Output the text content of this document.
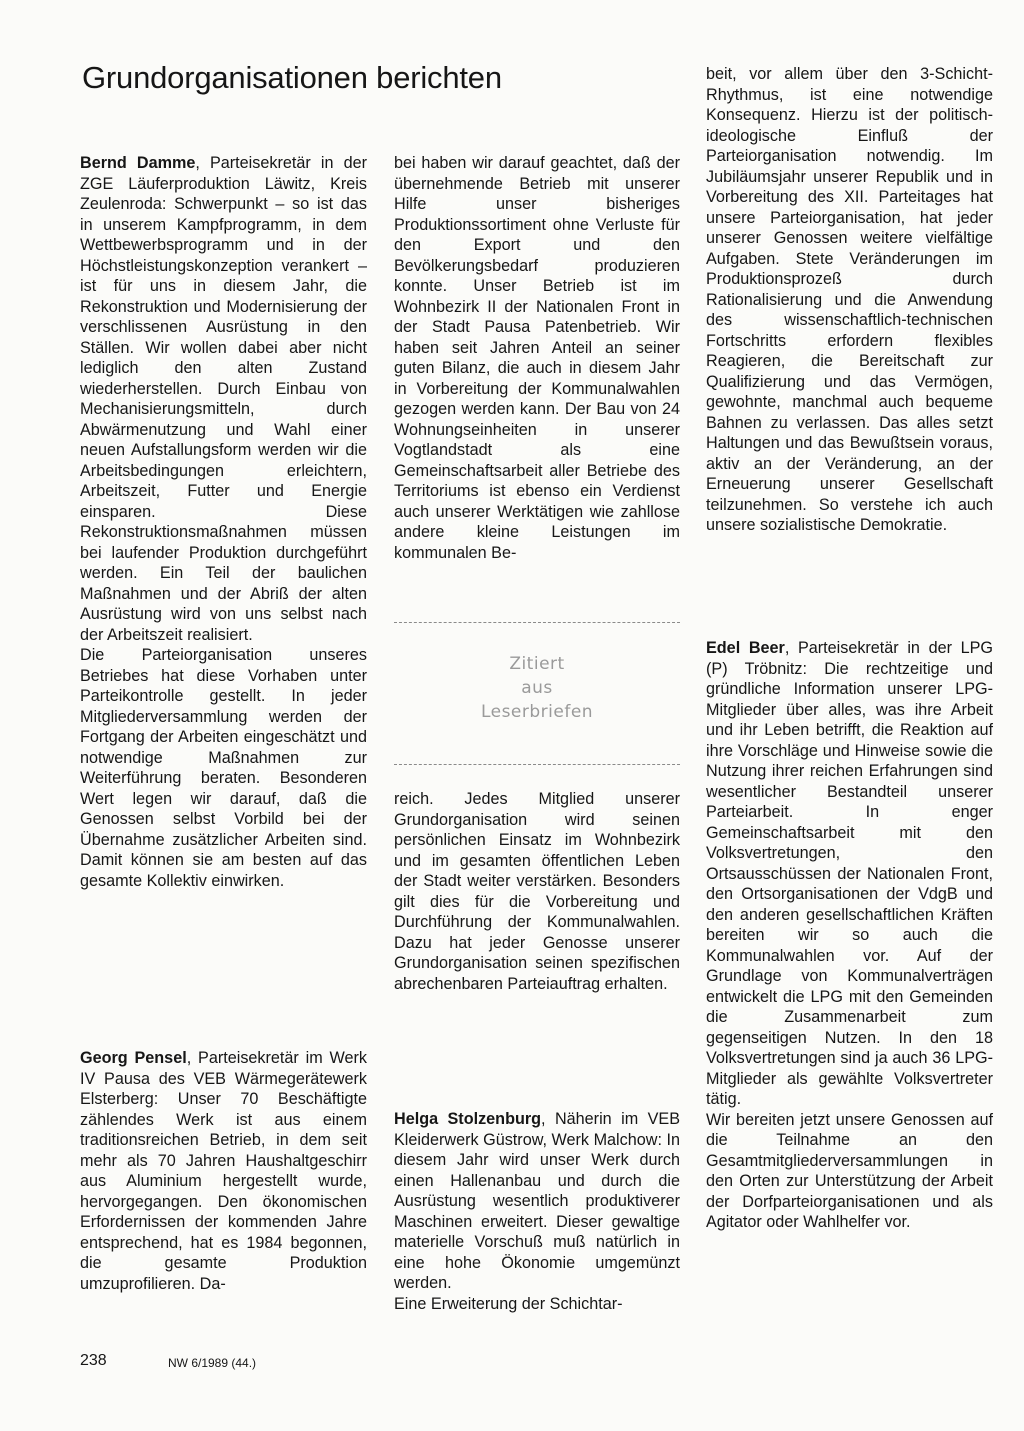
Grundorganisationen berichten

Bernd Damme, Parteisekretär in der ZGE Läuferproduktion Läwitz, Kreis Zeulenroda: Schwerpunkt – so ist das in unserem Kampfprogramm, in dem Wettbewerbsprogramm und in der Höchstleistungskonzeption verankert – ist für uns in diesem Jahr, die Rekonstruktion und Modernisierung der verschlissenen Ausrüstung in den Ställen. Wir wollen dabei aber nicht lediglich den alten Zustand wiederherstellen. Durch Einbau von Mechanisierungsmitteln, durch Abwärmenutzung und Wahl einer neuen Aufstallungsform werden wir die Arbeitsbedingungen erleichtern, Arbeitszeit, Futter und Energie einsparen. Diese Rekonstruktionsmaßnahmen müssen bei laufender Produktion durchgeführt werden. Ein Teil der baulichen Maßnahmen und der Abriß der alten Ausrüstung wird von uns selbst nach der Arbeitszeit realisiert.

Die Parteiorganisation unseres Betriebes hat diese Vorhaben unter Parteikontrolle gestellt. In jeder Mitgliederversammlung werden der Fortgang der Arbeiten eingeschätzt und notwendige Maßnahmen zur Weiterführung beraten. Besonderen Wert legen wir darauf, daß die Genossen selbst Vorbild bei der Übernahme zusätzlicher Arbeiten sind. Damit können sie am besten auf das gesamte Kollektiv einwirken.

Georg Pensel, Parteisekretär im Werk IV Pausa des VEB Wärmegerätewerk Elsterberg: Unser 70 Beschäftigte zählendes Werk ist aus einem traditionsreichen Betrieb, in dem seit mehr als 70 Jahren Haushaltgeschirr aus Aluminium hergestellt wurde, hervorgegangen. Den ökonomischen Erfordernissen der kommenden Jahre entsprechend, hat es 1984 begonnen, die gesamte Produktion umzuprofilieren. Da-

bei haben wir darauf geachtet, daß der übernehmende Betrieb mit unserer Hilfe unser bisheriges Produktionssortiment ohne Verluste für den Export und den Bevölkerungsbedarf produzieren konnte. Unser Betrieb ist im Wohnbezirk II der Nationalen Front in der Stadt Pausa Patenbetrieb. Wir haben seit Jahren Anteil an seiner guten Bilanz, die auch in diesem Jahr in Vorbereitung der Kommunalwahlen gezogen werden kann. Der Bau von 24 Wohnungseinheiten in unserer Vogtlandstadt als eine Gemeinschaftsarbeit aller Betriebe des Territoriums ist ebenso ein Verdienst auch unserer Werktätigen wie zahllose andere kleine Leistungen im kommunalen Be-

Zitiert
aus
Leserbriefen

reich. Jedes Mitglied unserer Grundorganisation wird seinen persönlichen Einsatz im Wohnbezirk und im gesamten öffentlichen Leben der Stadt weiter verstärken. Besonders gilt dies für die Vorbereitung und Durchführung der Kommunalwahlen. Dazu hat jeder Genosse unserer Grundorganisation seinen spezifischen abrechenbaren Parteiauftrag erhalten.

Helga Stolzenburg, Näherin im VEB Kleiderwerk Güstrow, Werk Malchow: In diesem Jahr wird unser Werk durch einen Hallenanbau und durch die Ausrüstung wesentlich produktiverer Maschinen erweitert. Dieser gewaltige materielle Vorschuß muß natürlich in eine hohe Ökonomie umgemünzt werden.

Eine Erweiterung der Schichtar-

beit, vor allem über den 3-Schicht-Rhythmus, ist eine notwendige Konsequenz. Hierzu ist der politisch-ideologische Einfluß der Parteiorganisation notwendig. Im Jubiläumsjahr unserer Republik und in Vorbereitung des XII. Parteitages hat unsere Parteiorganisation, hat jeder unserer Genossen weitere vielfältige Aufgaben. Stete Veränderungen im Produktionsprozeß durch Rationalisierung und die Anwendung des wissenschaftlich-technischen Fortschritts erfordern flexibles Reagieren, die Bereitschaft zur Qualifizierung und das Vermögen, gewohnte, manchmal auch bequeme Bahnen zu verlassen. Das alles setzt Haltungen und das Bewußtsein voraus, aktiv an der Veränderung, an der Erneuerung unserer Gesellschaft teilzunehmen. So verstehe ich auch unsere sozialistische Demokratie.

Edel Beer, Parteisekretär in der LPG (P) Tröbnitz: Die rechtzeitige und gründliche Information unserer LPG-Mitglieder über alles, was ihre Arbeit und ihr Leben betrifft, die Reaktion auf ihre Vorschläge und Hinweise sowie die Nutzung ihrer reichen Erfahrungen sind wesentlicher Bestandteil unserer Parteiarbeit. In enger Gemeinschaftsarbeit mit den Volksvertretungen, den Ortsausschüssen der Nationalen Front, den Ortsorganisationen der VdgB und den anderen gesellschaftlichen Kräften bereiten wir so auch die Kommunalwahlen vor. Auf der Grundlage von Kommunalverträgen entwickelt die LPG mit den Gemeinden die Zusammenarbeit zum gegenseitigen Nutzen. In den 18 Volksvertretungen sind ja auch 36 LPG-Mitglieder als gewählte Volksvertreter tätig.

Wir bereiten jetzt unsere Genossen auf die Teilnahme an den Gesamtmitgliederversammlungen in den Orten zur Unterstützung der Arbeit der Dorfparteiorganisationen und als Agitator oder Wahlhelfer vor.

238	NW 6/1989 (44.)
